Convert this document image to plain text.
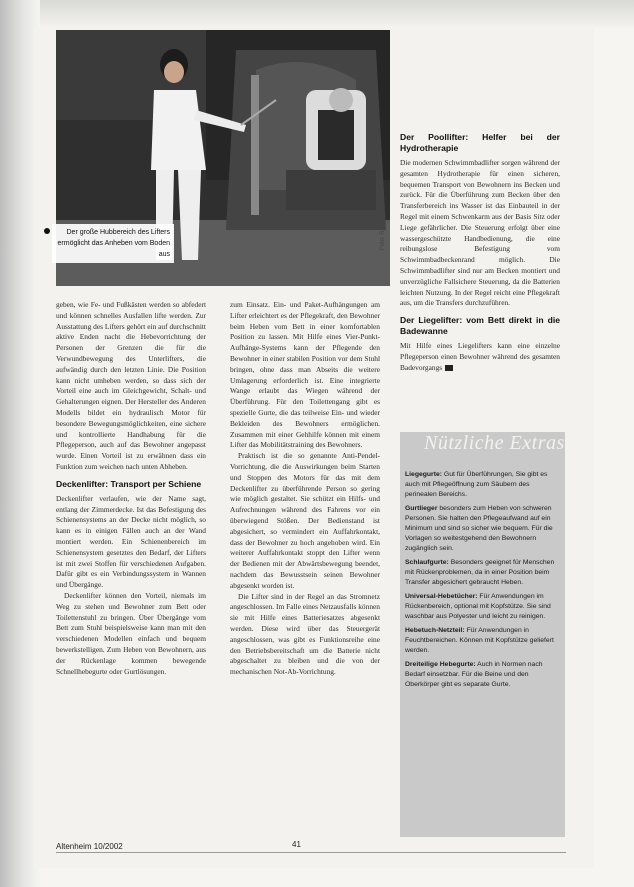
Der große Hubbereich des Lifters ermöglicht das Anheben vom Boden aus
Foto: Rhm

geben, wie Fe- und Fußkästen werden so abfedert und können schnelles Ausfallen lifte werden. Zur Ausstattung des Lifters gehört ein auf durchschnitt aktive Enden nacht die Hebevorrichtung der Personen der Grenzen die für die Verwundbewegung des Unterlifters, die aufwändig durch den letzten Linie. Die Position kann nicht umheben werden, so dass sich der Vorteil eine auch im Gleichgewicht, Schalt- und Gehalterungen eignen. Der Hersteller des Anderen Modells bildet ein hydraulisch Motor für besondere Bewegungsmöglichkeiten, eine sichere und kontrollierte Handhabung für die Pflegeperson, auch auf das Bewohner angepasst wurde. Einen Vorteil ist zu erwähnen dass ein Funktion zum weichen nach unten Abheben.

Deckenlifter: Transport per Schiene

Deckenlifter verlaufen, wie der Name sagt, entlang der Zimmerdecke. Ist das Befestigung des Schienensystems an der Decke nicht möglich, so kann es in einigen Fällen auch an der Wand montiert werden. Ein Schienenbereich im Schienensystem gesetztes den Bedarf, der Lifters ist mit zwei Stoffen für verschiedenen Aufgaben. Dafür gibt es ein Verbindungssystem in Wannen und Übergänge.

Deckenlifter können den Vorteil, niemals im Weg zu stehen und Bewohner zum Bett oder Toilettenstuhl zu bringen. Über Übergänge vom Bett zum Stuhl beispielsweise kann man mit den verschiedenen Modellen einfach und bequem bewerkstelligen. Zum Heben von Bewohnern, aus der Rückenlage kommen bewegende Schnellhebegurte oder Gurtlösungen.

zum Einsatz. Ein- und Paket-Aufhängungen am Lifter erleichtert es der Pflegekraft, den Bewohner beim Heben vom Bett in einer komfortablen Position zu lassen. Mit Hilfe eines Vier-Punkt-Aufhänge-Systems kann der Pflegende den Bewohner in einer stabilen Position vor dem Stuhl bringen, ohne dass man Abseits die weitere Umlagerung erforderlich ist. Eine integrierte Wange erlaubt das Wiegen während der Überführung. Für den Toilettengang gibt es spezielle Gurte, die das teilweise Ein- und wieder Bekleiden des Bewohners ermöglichen. Zusammen mit einer Gehhilfe können mit einem Lifter das Mobilitätstraining des Bewohners.

Praktisch ist die so genannte Anti-Pendel-Vorrichtung, die die Auswirkungen beim Starten und Stoppen des Motors für das mit dem Deckenlifter zu überführende Person so gering wie möglich gestaltet. Sie schützt ein Hilfs- und Aufrechnungen während des Fahrens vor ein überwiegend Stößen. Der Bedienstand ist abgesichert, so vermindert ein Auffahrkontakt, dass der Bewohner zu hoch angehoben wird. Ein weiterer Auffahrkontakt stoppt den Lifter wenn der Bedienen mit der Abwärtsbewegung beendet, nachdem das Bewusstsein seinen Bewohner abgesenkt worden ist.

Die Lifter sind in der Regel an das Stromnetz angeschlossen. Im Falle eines Netzausfalls können sie mit Hilfe eines Batteriesatzes abgesenkt werden. Diese wird über das Steuergerät angeschlossen, was gibt es Funktionsreihe eine den Betriebsbereitschaft um die Batterie nicht abgeschaltet zu bleiben und die von der mechanischen Not-Ab-Vorrichtung.

Der Poollifter: Helfer bei der Hydrotherapie

Die modernen Schwimmbadlifter sorgen während der gesamten Hydrotherapie für einen sicheren, bequemen Transport von Bewohnern ins Becken und zurück. Für die Überführung zum Becken über den Transferbereich ins Wasser ist das Einbauteil in der Regel mit einem Schwenkarm aus der Basis Sitz oder Liege gefährlicher. Die Steuerung erfolgt über eine wassergeschützte Handbedienung, die eine reibungslose Befestigung vom Schwimmbadbeckenrand möglich. Die Schwimmbadlifter sind nur am Becken montiert und unverzügliche Fallsichere Steuerung, da die Batterien leichten Nutzung. In der Regel reicht eine Pflegekraft aus, um die Transfers durchzuführen.

Der Liegelifter: vom Bett direkt in die Badewanne

Mit Hilfe eines Liegelifters kann eine einzelne Pflegeperson einen Bewohner während des gesamten Badevorgangs

Nützliche Extras
Liegegurte: Gut für Überführungen, Sie gibt es auch mit Pflegeöffnung zum Säubern des perinealen Bereichs.
Gurtlieger besonders zum Heben von schweren Personen. Sie halten den Pflegeaufwand auf ein Minimum und sind so sicher wie bequem. Für die Vorlagen so weitestgehend den Bewohnern zugänglich sein.
Schlaufgurte: Besonders geeignet für Menschen mit Rückenproblemen, da in einer Position beim Transfer abgesichert gebraucht Heben.
Universal-Hebetücher: Für Anwendungen im Rückenbereich, optional mit Kopfstütze. Sie sind waschbar aus Polyester und leicht zu reinigen.
Hebetuch-Netzteil: Für Anwendungen in Feuchtbereichen. Können mit Kopfstütze geliefert werden.
Dreiteilige Hebegurte: Auch in Normen nach Bedarf einsetzbar. Für die Beine und den Oberkörper gibt es separate Gurte.
Altenheim 10/2002	41
